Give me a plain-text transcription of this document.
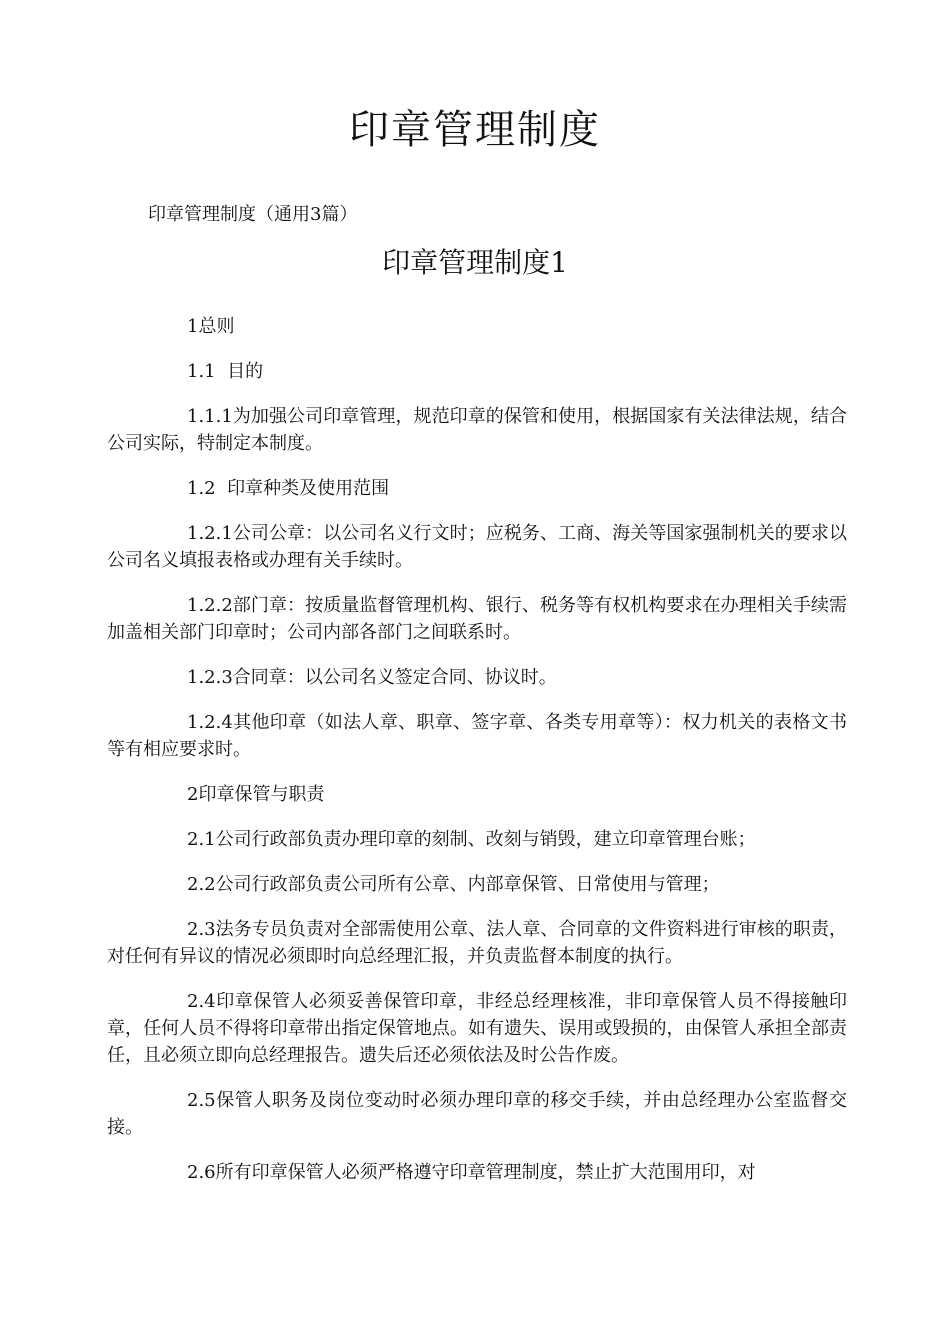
印章管理制度
印章管理制度（通用3篇）
印章管理制度1

1总则

1.1  目的

1.1.1为加强公司印章管理，规范印章的保管和使用，根据国家有关法律法规，结合公司实际，特制定本制度。

1.2  印章种类及使用范围

1.2.1公司公章：以公司名义行文时；应税务、工商、海关等国家强制机关的要求以公司名义填报表格或办理有关手续时。

1.2.2部门章：按质量监督管理机构、银行、税务等有权机构要求在办理相关手续需加盖相关部门印章时；公司内部各部门之间联系时。

1.2.3合同章：以公司名义签定合同、协议时。

1.2.4其他印章（如法人章、职章、签字章、各类专用章等）：权力机关的表格文书等有相应要求时。

2印章保管与职责

2.1公司行政部负责办理印章的刻制、改刻与销毁，建立印章管理台账；

2.2公司行政部负责公司所有公章、内部章保管、日常使用与管理；

2.3法务专员负责对全部需使用公章、法人章、合同章的文件资料进行审核的职责，对任何有异议的情况必须即时向总经理汇报，并负责监督本制度的执行。

2.4印章保管人必须妥善保管印章，非经总经理核准，非印章保管人员不得接触印章，任何人员不得将印章带出指定保管地点。如有遗失、误用或毁损的，由保管人承担全部责任，且必须立即向总经理报告。遗失后还必须依法及时公告作废。

2.5保管人职务及岗位变动时必须办理印章的移交手续，并由总经理办公室监督交接。

2.6所有印章保管人必须严格遵守印章管理制度，禁止扩大范围用印，对
